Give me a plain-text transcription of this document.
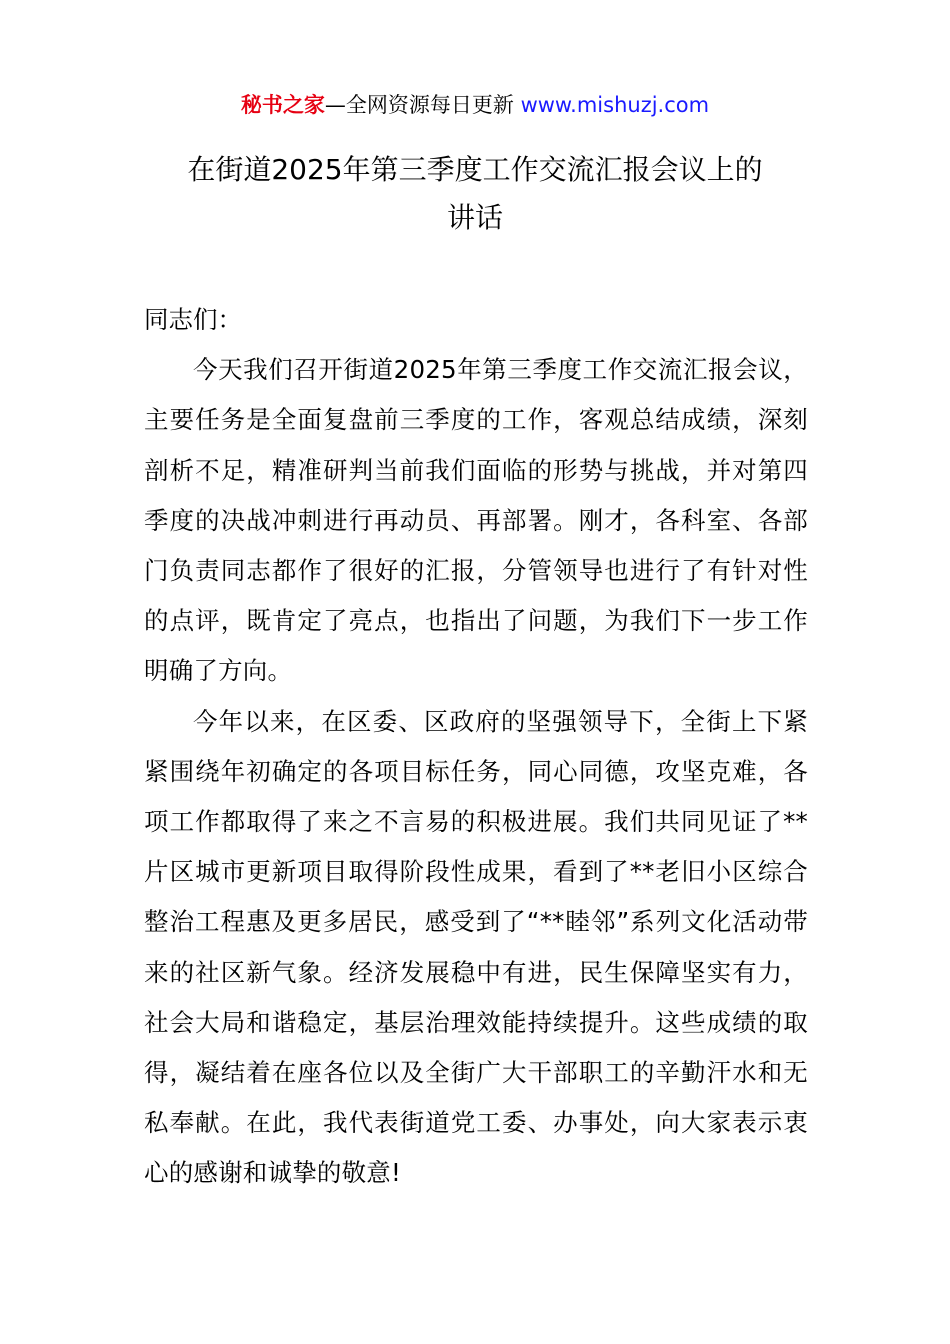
秘书之家—全网资源每日更新 www.mishuzj.com
在街道2025年第三季度工作交流汇报会议上的
讲话

同志们：

今天我们召开街道2025年第三季度工作交流汇报会议，主要任务是全面复盘前三季度的工作，客观总结成绩，深刻剖析不足，精准研判当前我们面临的形势与挑战，并对第四季度的决战冲刺进行再动员、再部署。刚才，各科室、各部门负责同志都作了很好的汇报，分管领导也进行了有针对性的点评，既肯定了亮点，也指出了问题，为我们下一步工作明确了方向。

今年以来，在区委、区政府的坚强领导下，全街上下紧紧围绕年初确定的各项目标任务，同心同德，攻坚克难，各项工作都取得了来之不言易的积极进展。我们共同见证了**片区城市更新项目取得阶段性成果，看到了**老旧小区综合整治工程惠及更多居民，感受到了“**睦邻”系列文化活动带来的社区新气象。经济发展稳中有进，民生保障坚实有力，社会大局和谐稳定，基层治理效能持续提升。这些成绩的取得，凝结着在座各位以及全街广大干部职工的辛勤汗水和无私奉献。在此，我代表街道党工委、办事处，向大家表示衷心的感谢和诚挚的敬意!
